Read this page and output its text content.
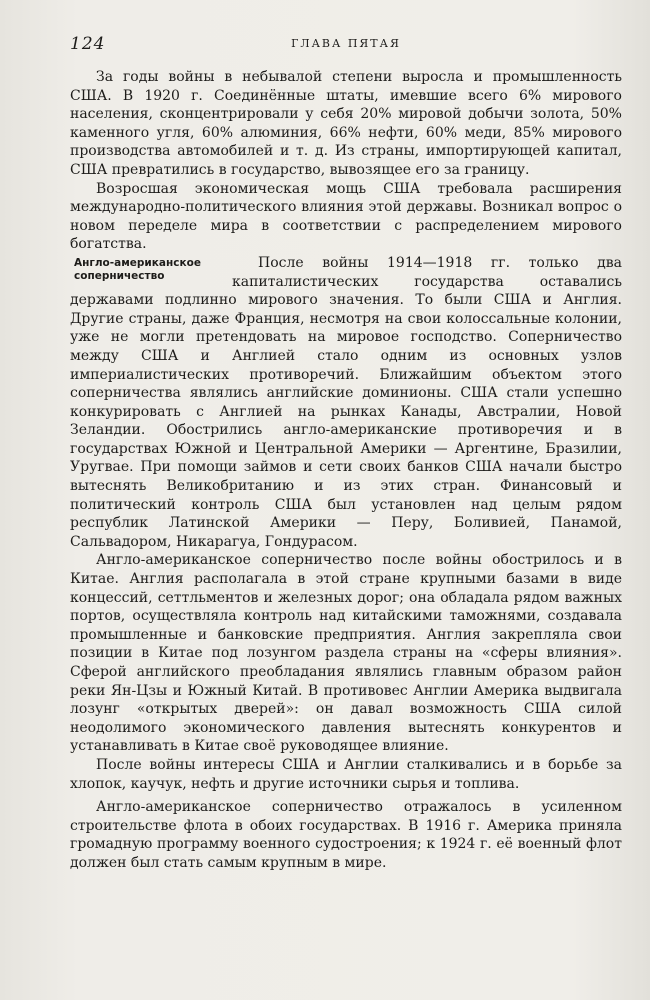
124	ГЛАВА ПЯТАЯ

За годы войны в небывалой степени выросла и промышленность США. В 1920 г. Соединённые штаты, имевшие всего 6% мирового населения, сконцентрировали у себя 20% мировой добычи золота, 50% каменного угля, 60% алюминия, 66% нефти, 60% меди, 85% мирового производства автомобилей и т. д. Из страны, импортирующей капитал, США превратились в государство, вывозящее его за границу.

Возросшая экономическая мощь США требовала расширения международно-политического влияния этой державы. Возникал вопрос о новом переделе мира в соответствии с распределением мирового богатства.

Англо-американское соперничество

После войны 1914—1918 гг. только два капиталистических государства оставались державами подлинно мирового значения. То были США и Англия. Другие страны, даже Франция, несмотря на свои колоссальные колонии, уже не могли претендовать на мировое господство. Соперничество между США и Англией стало одним из основных узлов империалистических противоречий. Ближайшим объектом этого соперничества являлись английские доминионы. США стали успешно конкурировать с Англией на рынках Канады, Австралии, Новой Зеландии. Обострились англо-американские противоречия и в государствах Южной и Центральной Америки — Аргентине, Бразилии, Уругвае. При помощи займов и сети своих банков США начали быстро вытеснять Великобританию и из этих стран. Финансовый и политический контроль США был установлен над целым рядом республик Латинской Америки — Перу, Боливией, Панамой, Сальвадором, Никарагуа, Гондурасом.

Англо-американское соперничество после войны обострилось и в Китае. Англия располагала в этой стране крупными базами в виде концессий, сеттльментов и железных дорог; она обладала рядом важных портов, осуществляла контроль над китайскими таможнями, создавала промышленные и банковские предприятия. Англия закрепляла свои позиции в Китае под лозунгом раздела страны на «сферы влияния». Сферой английского преобладания являлись главным образом район реки Ян-Цзы и Южный Китай. В противовес Англии Америка выдвигала лозунг «открытых дверей»: он давал возможность США силой неодолимого экономического давления вытеснять конкурентов и устанавливать в Китае своё руководящее влияние.

После войны интересы США и Англии сталкивались и в борьбе за хлопок, каучук, нефть и другие источники сырья и топлива.

Англо-американское соперничество отражалось в усиленном строительстве флота в обоих государствах. В 1916 г. Америка приняла громадную программу военного судостроения; к 1924 г. её военный флот должен был стать самым крупным в мире.
